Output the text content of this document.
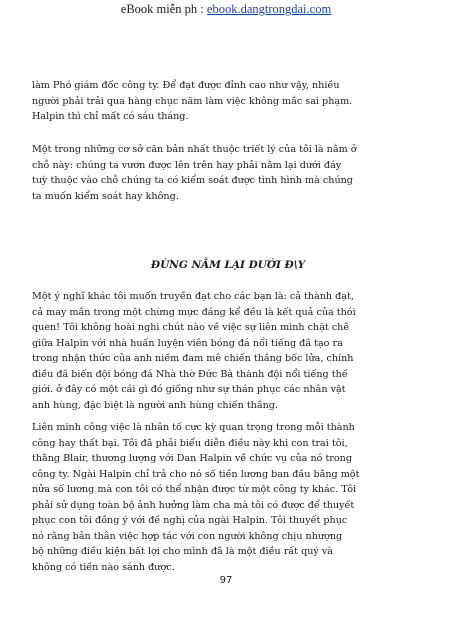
eBook miễn ph : ebook.dangtrongdai.com

làm Phó giám đốc công ty. Để đạt được đỉnh cao như vậy, nhiều
người phải trải qua hàng chục năm làm việc không mắc sai phạm.
Halpin thì chỉ mất có sáu tháng.

Một trong những cơ sở căn bản nhất thuộc triết lý của tôi là nằm ở
chỗ này: chúng ta vươn được lên trên hay phải nằm lại dưới đáy
tuỳ thuộc vào chỗ chúng ta có kiểm soát được tình hình mà chúng
ta muốn kiểm soát hay không.

ĐỪNG NẰM LẠI DƯỚI Đ\Y

Một ý nghĩ khác tôi muốn truyền đạt cho các bạn là: cả thành đạt,
cả may mắn trong một chừng mực đáng kể đều là kết quả của thói
quen! Tôi không hoài nghi chút nào về việc sự liên minh chặt chẽ
giữa Halpin với nhà huấn luyện viên bóng đá nổi tiếng đã tạo ra
trong nhận thức của anh niềm đam mê chiến thắng bốc lửa, chính
điều đã biến đội bóng đá Nhà thờ Đức Bà thành đội nổi tiếng thế
giới. ở đây có một cái gì đó giống như sự thán phục các nhân vật
anh hùng, đặc biệt là người anh hùng chiến thắng.

Liên minh công việc là nhân tố cực kỳ quan trọng trong mỗi thành
công hay thất bại. Tôi đã phải biểu diễn điều này khi con trai tôi,
thằng Blair, thương lượng với Dan Halpin về chức vụ của nó trong
công ty. Ngài Halpin chỉ trả cho nó số tiền lương ban đầu bằng một
nửa số lương mà con tôi có thể nhận được từ một công ty khác. Tôi
phải sử dụng toàn bộ ảnh hưởng làm cha mà tôi có được để thuyết
phục con tôi đồng ý với đề nghị của ngài Halpin. Tôi thuyết phục
nó rằng bản thân việc hợp tác với con người không chịu nhượng
bộ những điều kiện bất lợi cho mình đã là một điều rất quý và
không có tiền nào sánh được.

97
